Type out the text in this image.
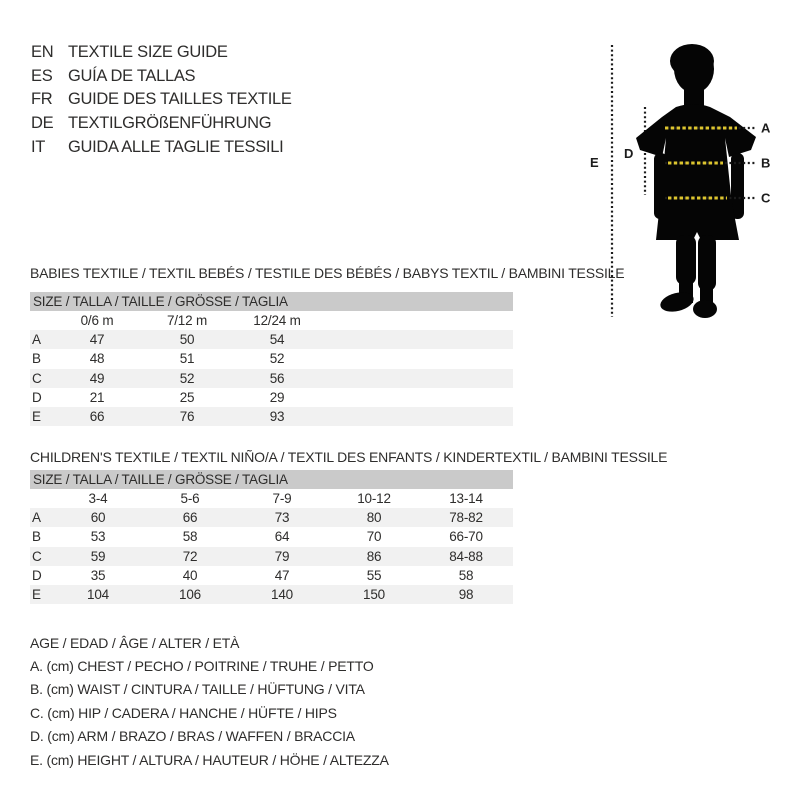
EN TEXTILE SIZE GUIDE
ES GUÍA DE TALLAS
FR GUIDE DES TAILLES TEXTILE
DE TEXTILGRÖßENFÜHRUNG
IT	GUIDA ALLE TAGLIE TESSILI
E
D
A
B
C
BABIES TEXTILE / TEXTIL BEBÉS / TESTILE DES BÉBÉS / BABYS TEXTIL / BAMBINI TESSILE
SIZE / TALLA / TAILLE / GRÖSSE / TAGLIA
	0/6 m	7/12 m	12/24 m	
A	47	50	54	
B	48	51	52	
C	49	52	56	
D	21	25	29	
E	66	76	93	
CHILDREN'S TEXTILE / TEXTIL NIÑO/A / TEXTIL DES ENFANTS / KINDERTEXTIL / BAMBINI TESSILE
SIZE / TALLA / TAILLE / GRÖSSE / TAGLIA
	3-4	5-6	7-9	10-12	13-14	
A	60	66	73	80	78-82	
B	53	58	64	70	66-70	
C	59	72	79	86	84-88	
D	35	40	47	55	58	
E	104	106	140	150	98	
AGE / EDAD / ÂGE / ALTER / ETÀ
A. (cm) CHEST / PECHO / POITRINE / TRUHE / PETTO
B. (cm) WAIST / CINTURA / TAILLE / HÜFTUNG / VITA
C. (cm) HIP / CADERA / HANCHE / HÜFTE / HIPS
D. (cm) ARM / BRAZO / BRAS / WAFFEN / BRACCIA
E. (cm) HEIGHT / ALTURA / HAUTEUR / HÖHE / ALTEZZA
